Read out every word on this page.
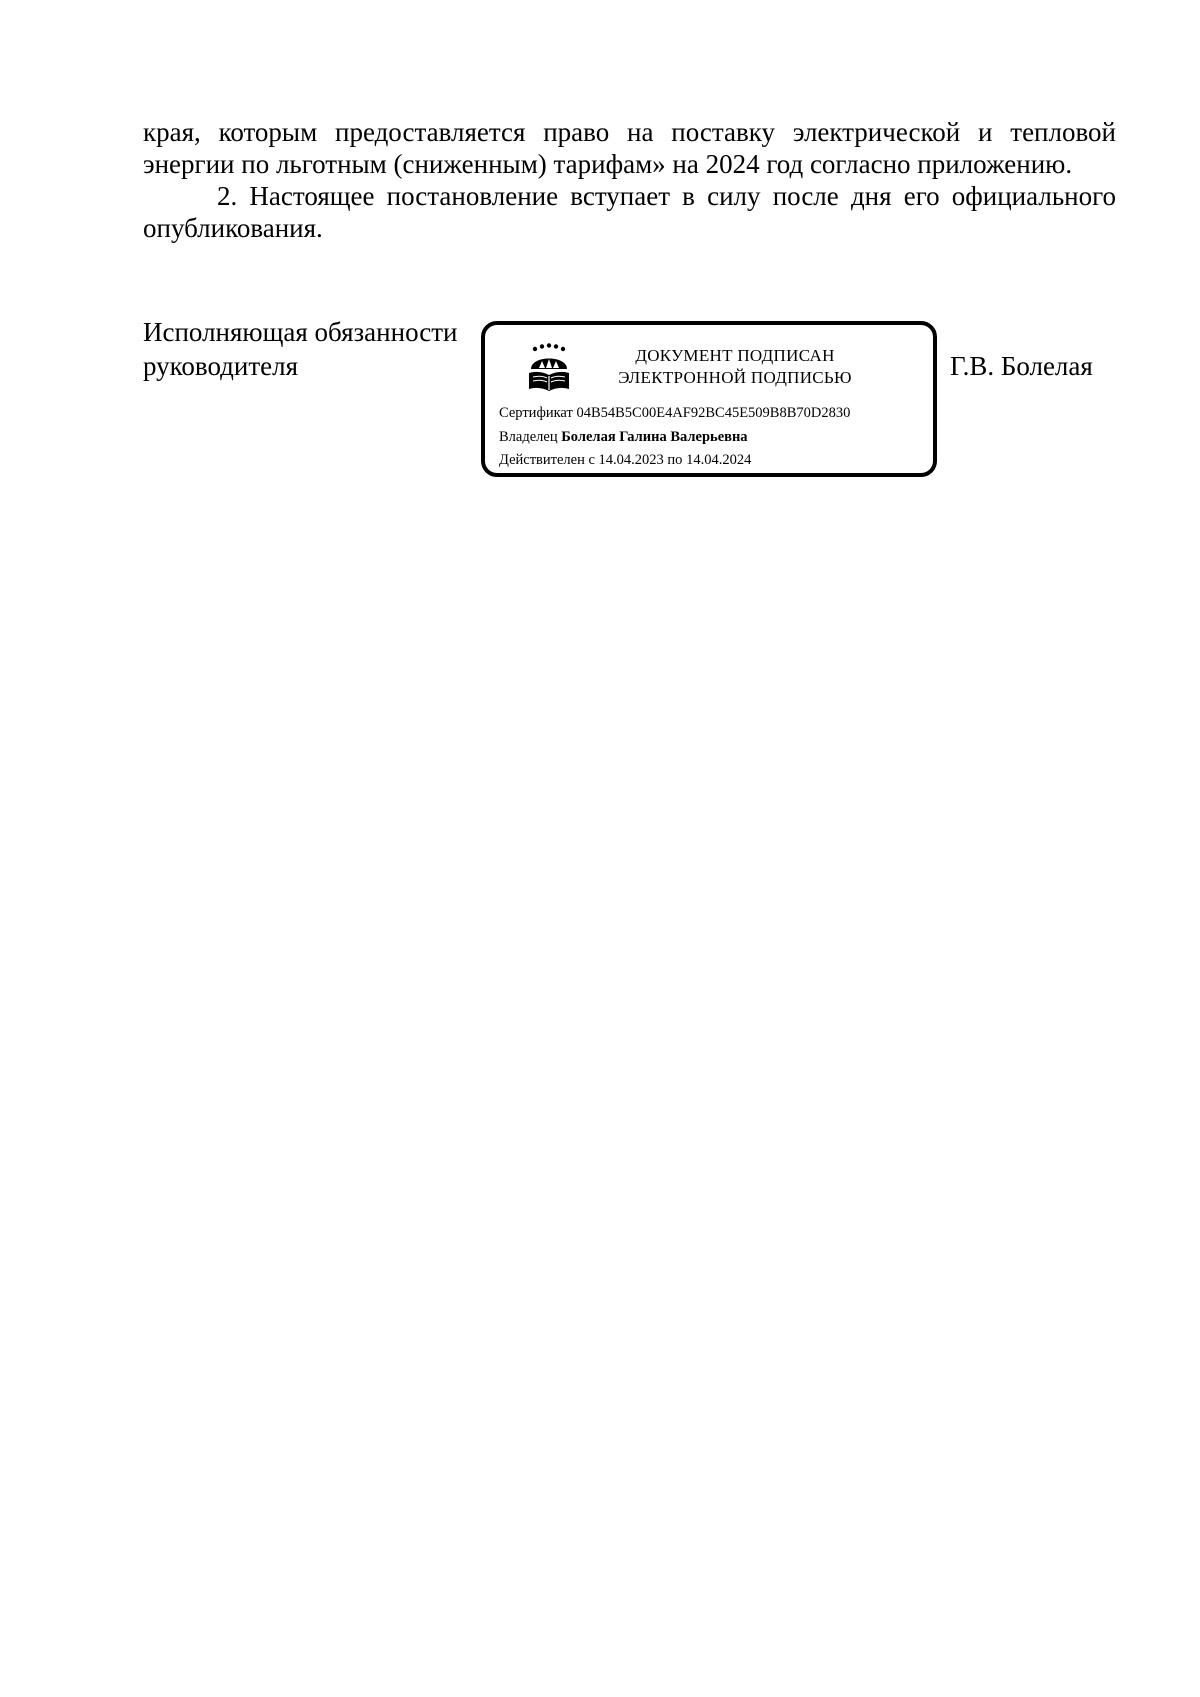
края, которым предоставляется право на поставку электрической и тепловой
энергии по льготным (сниженным) тарифам» на 2024 год согласно приложению.

2. Настоящее постановление вступает в силу после дня его официального
опубликования.

Исполняющая обязанности
руководителя	ДОКУМЕНТ ПОДПИСАН
ЭЛЕКТРОННОЙ ПОДПИСЬЮ
Сертификат 04B54B5C00E4AF92BC45E509B8B70D2830
Владелец Болелая Галина Валерьевна
Действителен с 14.04.2023 по 14.04.2024
Г.В. Болелая
